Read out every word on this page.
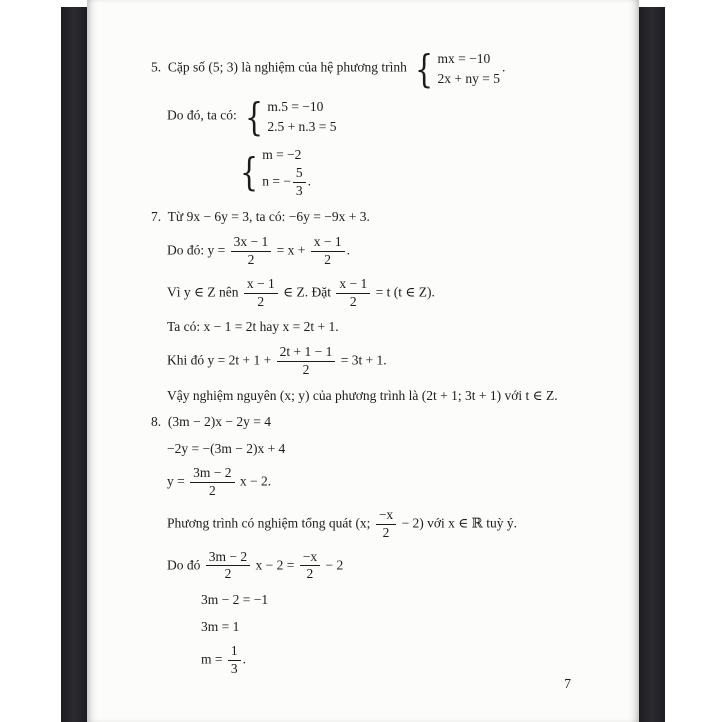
5.  Cặp số (5; 3) là nghiệm của hệ phương trình { mx = −10
2x + ny = 5
.
Do đó, ta có: { m.5 = −10
2.5 + n.3 = 5
{ m = −2
n = − $\frac{5}{3}$ .
7.  Từ 9x − 6y = 3, ta có: −6y = −9x + 3.
Do đó: $y = \frac{3x - 1}{2} = x + \frac{x - 1}{2}$ .
Vì y ∈ Z nên $\frac{x - 1}{2}$ ∈ Z. Đặt $\frac{x - 1}{2} = t$ (t ∈ Z).
Ta có: x − 1 = 2t hay x = 2t + 1.
Khi đó $y = 2t + 1 + \frac{2t + 1 - 1}{2} = 3t + 1$.
Vậy nghiệm nguyên (x; y) của phương trình là (2t + 1; 3t + 1) với t ∈ Z.
8.  (3m − 2)x − 2y = 4
−2y = −(3m − 2)x + 4
$y = \frac{3m - 2}{2}$ x − 2.
Phương trình có nghiệm tổng quát (x; $\frac{-x}{2} - 2$) với x ∈ ℝ tuỳ ý.
Do đó $\frac{3m - 2}{2}$ $x - 2 = \frac{-x}{2} - 2$
3m − 2 = −1
3m = 1
$m = \frac{1}{3}$ .
7
